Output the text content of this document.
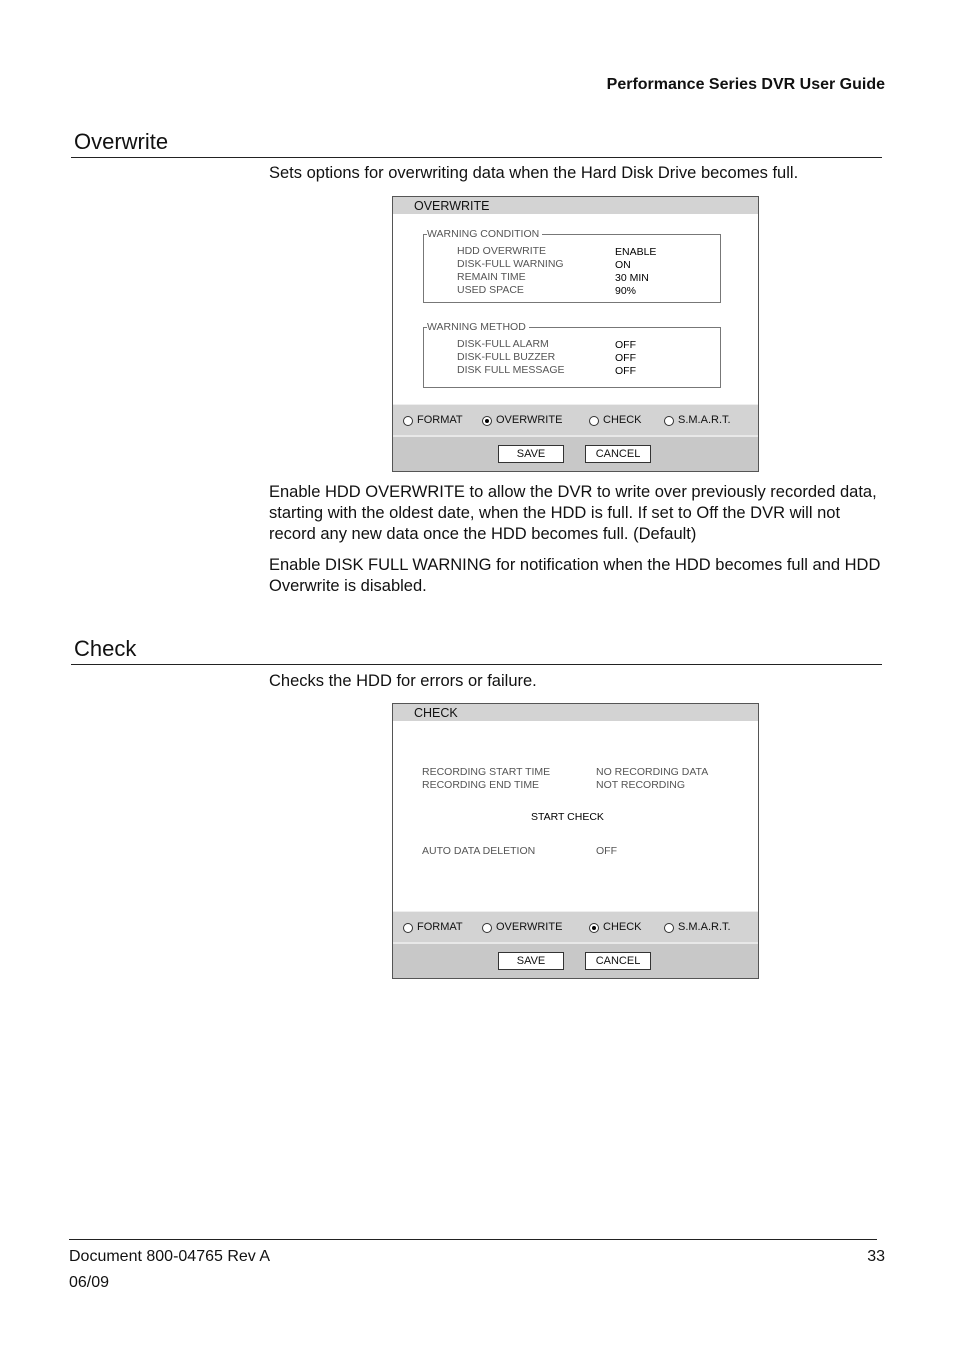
Performance Series DVR User Guide
Overwrite
Sets options for overwriting data when the Hard Disk Drive becomes full.
OVERWRITE
WARNING CONDITION
HDD OVERWRITE	ENABLE
DISK-FULL WARNING	ON
REMAIN TIME	30 MIN
USED SPACE	90%
WARNING METHOD
DISK-FULL ALARM	OFF
DISK-FULL BUZZER	OFF
DISK FULL MESSAGE	OFF
FORMAT	OVERWRITE	CHECK	S.M.A.R.T.
SAVE	CANCEL

Enable HDD OVERWRITE to allow the DVR to write over previously recorded data, starting with the oldest date, when the HDD is full. If set to Off the DVR will not record any new data once the HDD becomes full. (Default)

Enable DISK FULL WARNING for notification when the HDD becomes full and HDD Overwrite is disabled.

Check
Checks the HDD for errors or failure.
CHECK
RECORDING START TIME	NO RECORDING DATA
RECORDING END TIME	NOT RECORDING
START CHECK
AUTO DATA DELETION	OFF
FORMAT	OVERWRITE	CHECK	S.M.A.R.T.
SAVE	CANCEL
Document 800-04765 Rev A
06/09
33
